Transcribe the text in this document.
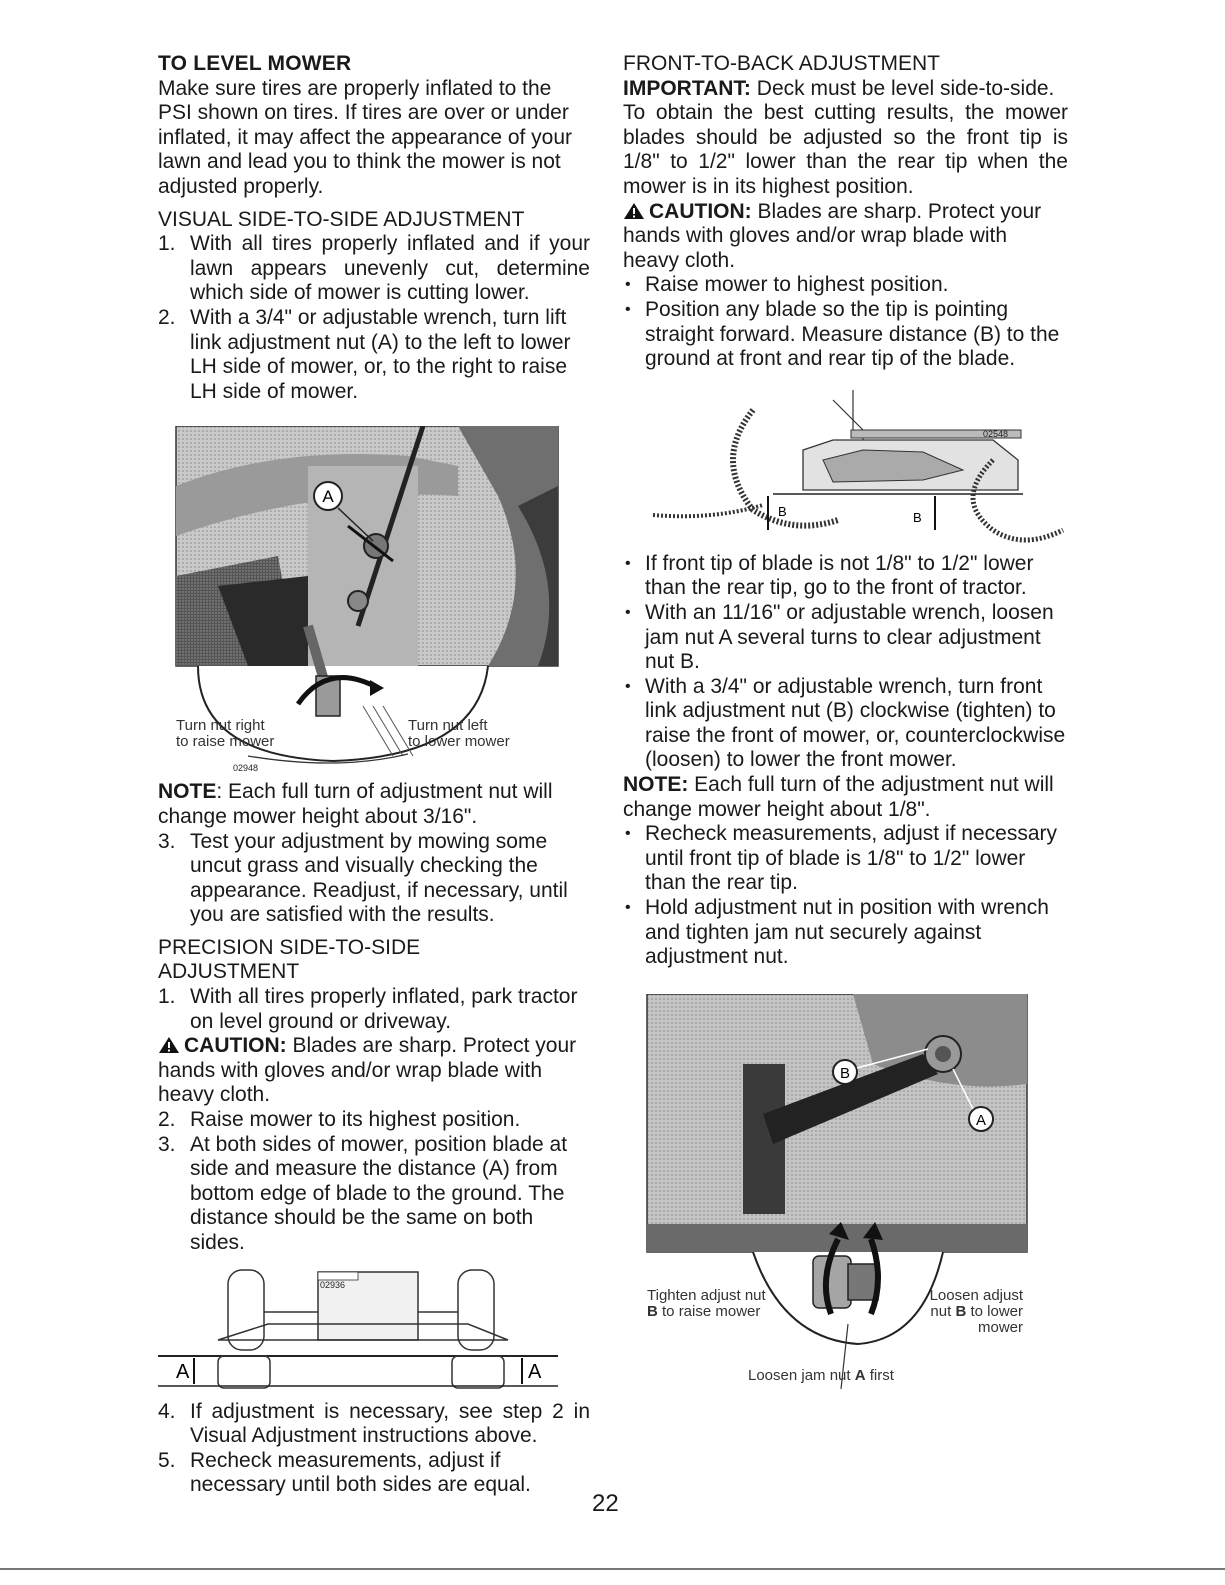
TO LEVEL MOWER

Make sure tires are properly inflated to the PSI shown on tires. If tires are over or under inflated, it may affect the appearance of your lawn and lead you to think the mower is not adjusted properly.

VISUAL SIDE-TO-SIDE ADJUSTMENT

1. With all tires properly inflated and if your lawn appears unevenly cut, determine which side of mower is cutting lower.
2. With a 3/4" or adjustable wrench, turn lift link adjustment nut (A) to the left to lower LH side of mower, or, to the right to raise LH side of mower.
A
Turn nut right
to raise mower
Turn nut left
to lower mower
02948

NOTE: Each full turn of adjustment nut will change mower height about 3/16".

3. Test your adjustment by mowing some uncut grass and visually checking the appearance. Readjust, if necessary, until you are satisfied with the results.

PRECISION SIDE-TO-SIDE
ADJUSTMENT

1. With all tires properly inflated, park tractor on level ground or driveway.

CAUTION: Blades are sharp. Protect your hands with gloves and/or wrap blade with heavy cloth.

2. Raise mower to its highest position.
3. At both sides of mower, position blade at side and measure the distance (A) from bottom edge of blade to the ground. The distance should be the same on both sides.
A	A
02936
4. If adjustment is necessary, see step 2 in Visual Adjustment instructions above.
5. Recheck measurements, adjust if necessary until both sides are equal.

FRONT-TO-BACK ADJUSTMENT

IMPORTANT: Deck must be level side-to-side.

To obtain the best cutting results, the mower blades should be adjusted so the front tip is 1/8" to 1/2" lower than the rear tip when the mower is in its highest position.

CAUTION: Blades are sharp. Protect your hands with gloves and/or wrap blade with heavy cloth.

• Raise mower to highest position.
• Position any blade so the tip is pointing straight forward. Measure distance (B) to the ground at front and rear tip of the blade.
B	B
02548
• If front tip of blade is not 1/8" to 1/2" lower than the rear tip, go to the front of tractor.
• With an 11/16" or adjustable wrench, loosen jam nut A several turns to clear adjustment nut B.
• With a 3/4" or adjustable wrench, turn front link adjustment nut (B) clockwise (tighten) to raise the front of mower, or, counterclockwise (loosen) to lower the front mower.

NOTE: Each full turn of the adjustment nut will change mower height about 1/8".

• Recheck measurements, adjust if necessary until front tip of blade is 1/8" to 1/2" lower than the rear tip.
• Hold adjustment nut in position with wrench and tighten jam nut securely against adjustment nut.
B
A
Tighten adjust nut
B to raise mower
Loosen adjust
nut B to lower
mower
Loosen jam nut A first
22
